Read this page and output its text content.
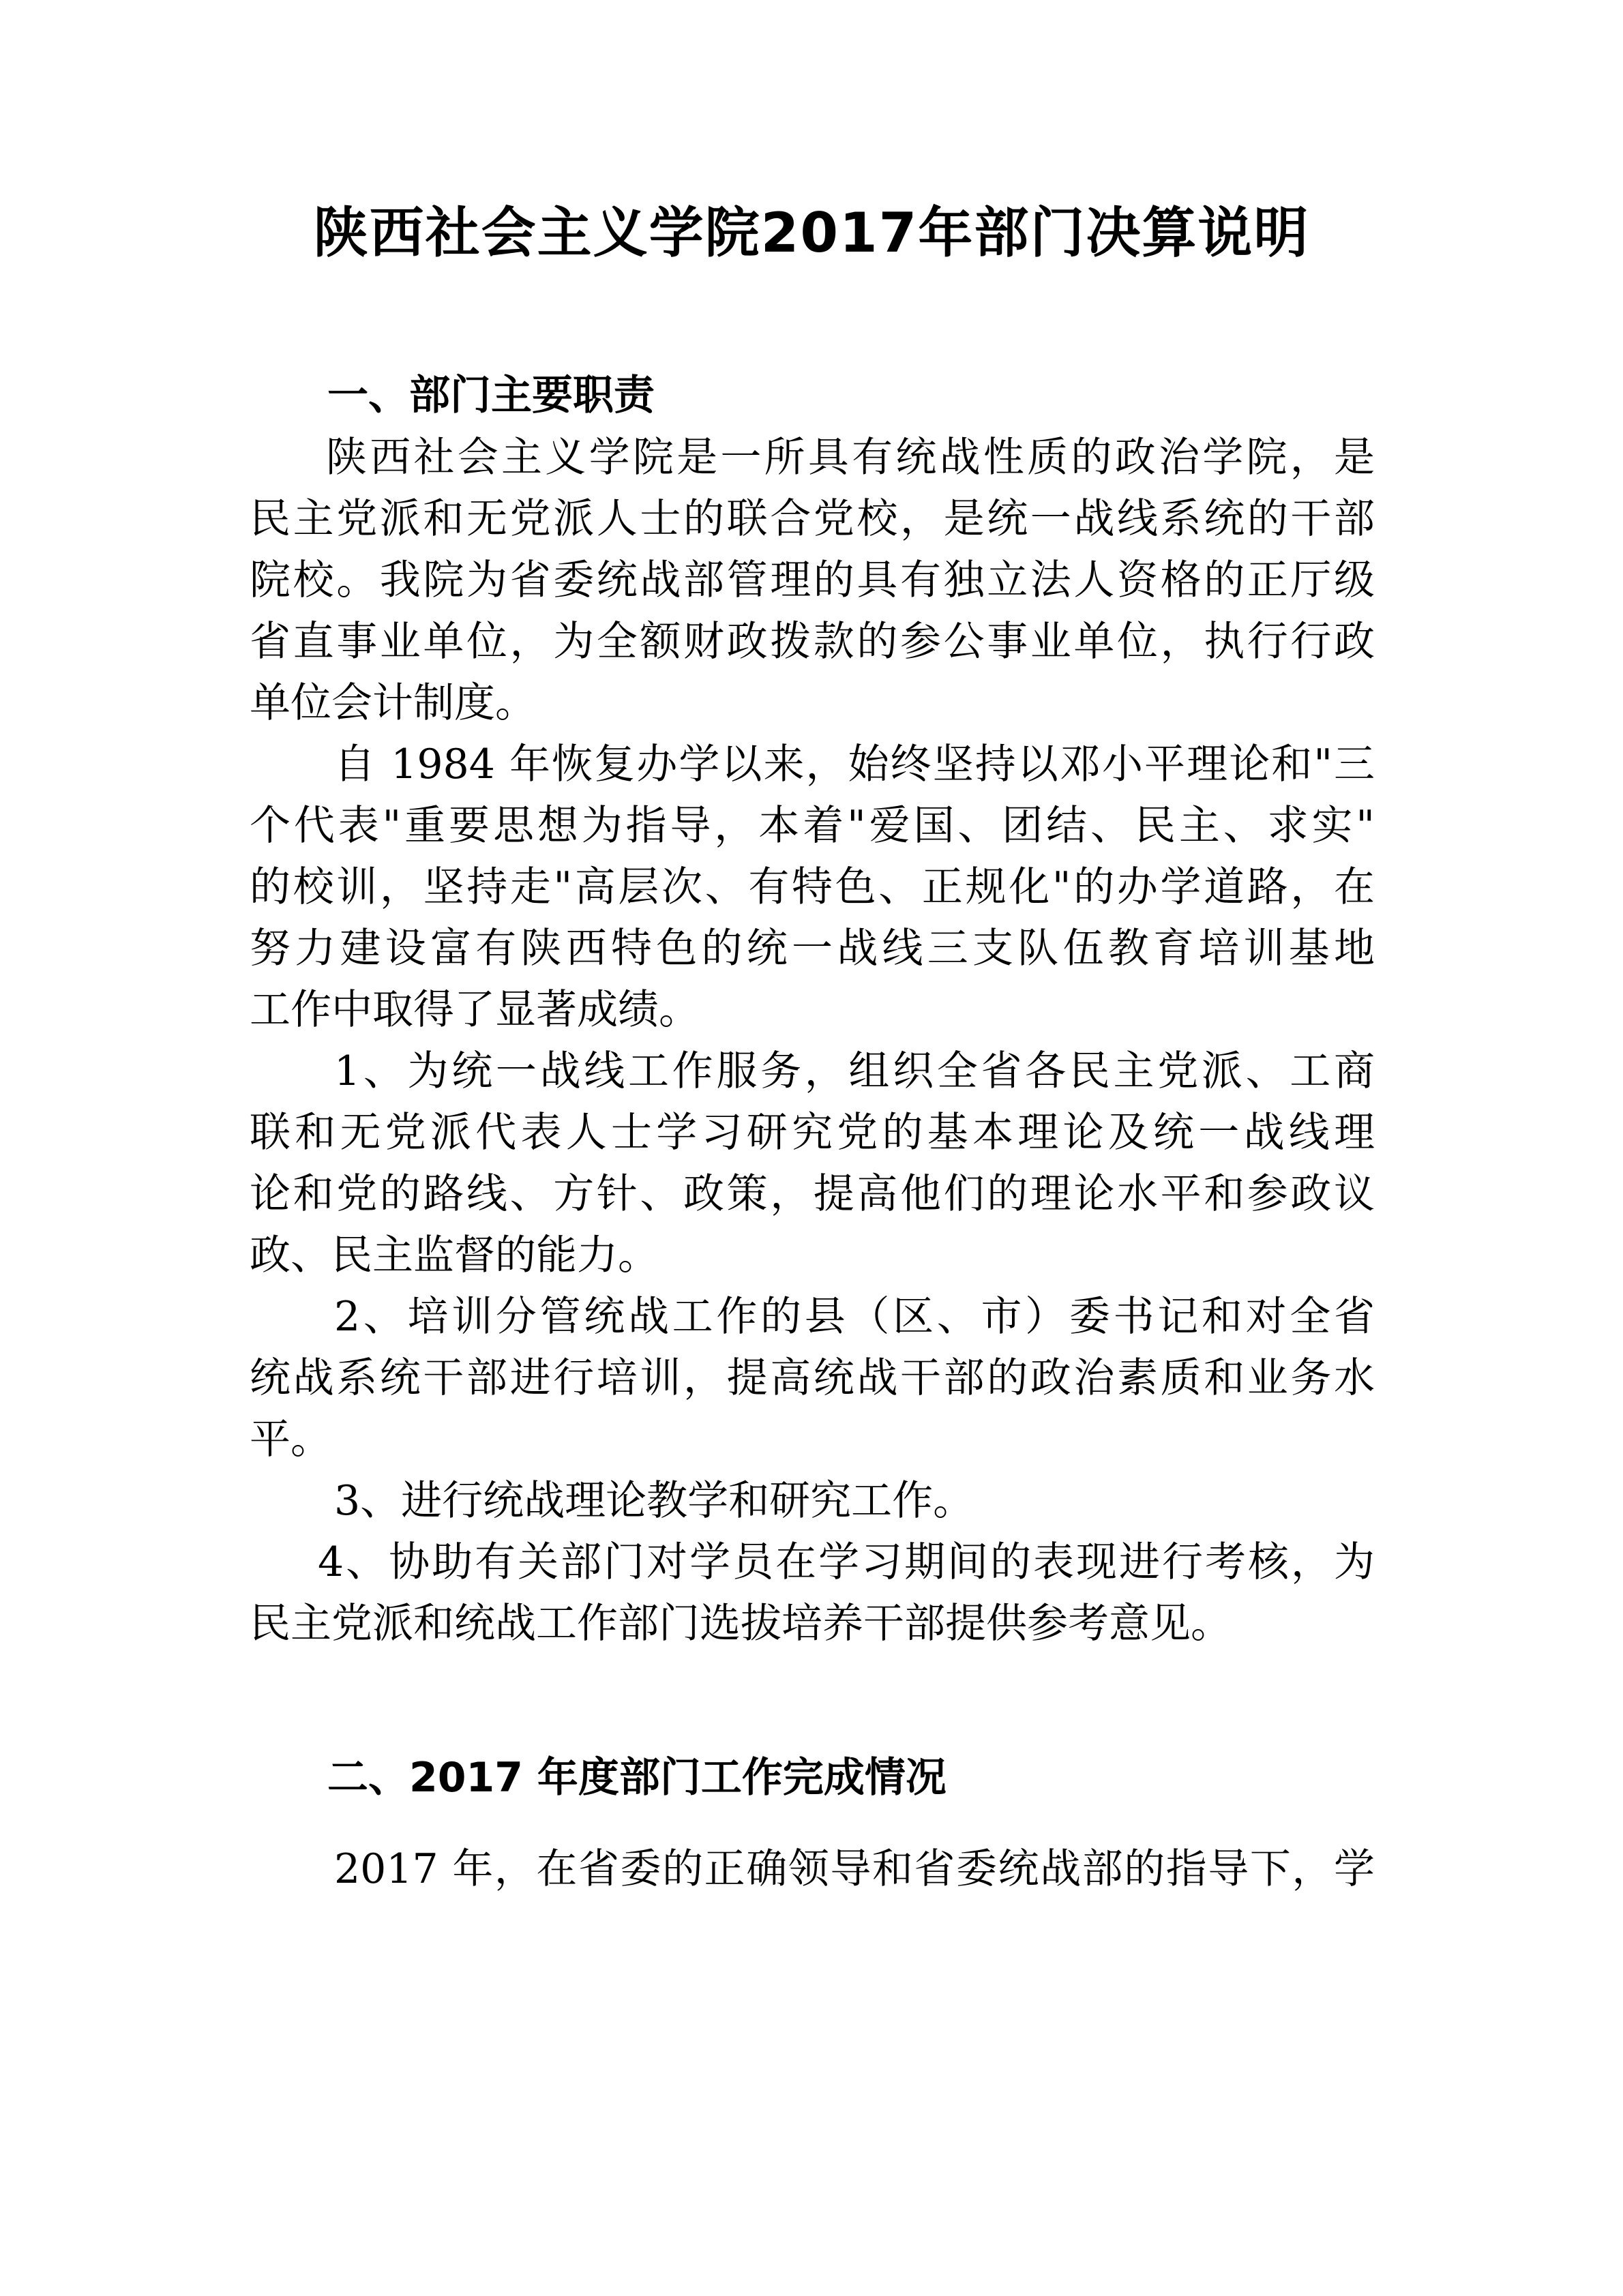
陕西社会主义学院2017年部门决算说明
一、部门主要职责
陕西社会主义学院是一所具有统战性质的政治学院，是
民主党派和无党派人士的联合党校，是统一战线系统的干部
院校。我院为省委统战部管理的具有独立法人资格的正厅级
省直事业单位，为全额财政拨款的参公事业单位，执行行政
单位会计制度。
自 1984 年恢复办学以来，始终坚持以邓小平理论和"三
个代表"重要思想为指导，本着"爱国、团结、民主、求实"
的校训，坚持走"高层次、有特色、正规化"的办学道路，在
努力建设富有陕西特色的统一战线三支队伍教育培训基地
工作中取得了显著成绩。
1、为统一战线工作服务，组织全省各民主党派、工商
联和无党派代表人士学习研究党的基本理论及统一战线理
论和党的路线、方针、政策，提高他们的理论水平和参政议
政、民主监督的能力。
2、培训分管统战工作的县（区、市）委书记和对全省
统战系统干部进行培训，提高统战干部的政治素质和业务水
平。
3、进行统战理论教学和研究工作。
4、协助有关部门对学员在学习期间的表现进行考核，为
民主党派和统战工作部门选拔培养干部提供参考意见。
二、2017 年度部门工作完成情况
2017 年，在省委的正确领导和省委统战部的指导下，学
